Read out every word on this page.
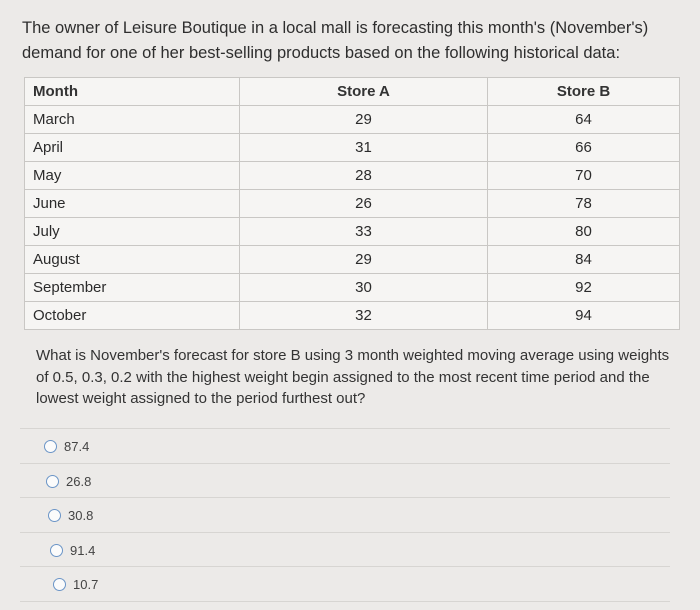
The owner of Leisure Boutique in a local mall is forecasting this month's (November's) demand for one of her best-selling products based on the following historical data:
Month	Store A	Store B
March	29	64
April	31	66
May	28	70
June	26	78
July	33	80
August	29	84
September	30	92
October	32	94
What is November's forecast for store B using 3 month weighted moving average using weights of 0.5, 0.3, 0.2 with the highest weight begin assigned to the most recent time period and the lowest weight assigned to the period furthest out?
87.4
26.8
30.8
91.4
10.7
